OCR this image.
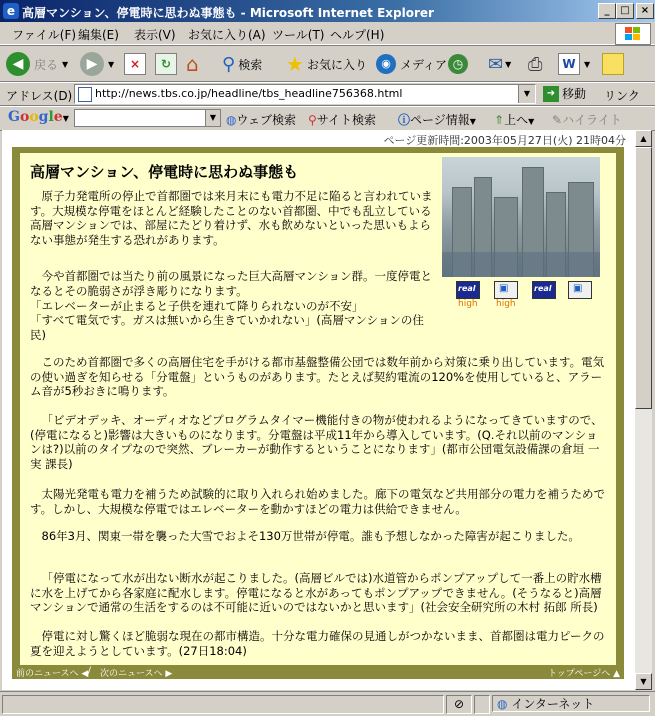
e 高層マンション、停電時に思わぬ事態も - Microsoft Internet Explorer	_	□	×
ファイル(F) 編集(E) 表示(V) お気に入り(A) ツール(T) ヘルプ(H)
◀ 戻る ▼	▶	▼	×	↻ ⌂ ⚲ 検索 ★ お気に入り	◉ メディア ◷ ✉ ▼ ⎙	W	▼
アドレス(D) http://news.tbs.co.jp/headline/tbs_headline756368.html	▼	➜ 移動 リンク
Google▼	▼ ◍ウェブ検索 ⚲サイト検索 ⓘページ情報▼ ⇑上へ▼ ✎ハイライト
ページ更新時間:2003年05月27日(火) 21時04分
高層マンション、停電時に思わぬ事態も
real
high
▣
high
real ▣
原子力発電所の停止で首都圏では来月末にも電力不足に陥ると言われています。大規模な停電をほとんど経験したことのない首都圏、中でも乱立している高層マンションでは、部屋にたどり着けず、水も飲めないといった思いもよらない事態が発生する恐れがあります。
今や首都圏では当たり前の風景になった巨大高層マンション群。一度停電となるとその脆弱さが浮き彫りになります。
「エレベーターが止まると子供を連れて降りられないのが不安」
「すべて電気です。ガスは無いから生きていかれない」(高層マンションの住民)
このため首都圏で多くの高層住宅を手がける都市基盤整備公団では数年前から対策に乗り出しています。電気の使い過ぎを知らせる「分電盤」というものがあります。たとえば契約電流の120%を使用していると、アラーム音が5秒おきに鳴ります。
「ビデオデッキ、オーディオなどプログラムタイマー機能付きの物が使われるようになってきていますので、(停電になると)影響は大きいものになります。分電盤は平成11年から導入しています。(Q.それ以前のマンションは?)以前のタイプなので突然、ブレーカーが動作するということになります」(都市公団電気設備課の倉垣 一実 課長)
太陽光発電も電力を補うため試験的に取り入れられ始めました。廊下の電気など共用部分の電力を補うためです。しかし、大規模な停電ではエレベーターを動かすほどの電力は供給できません。
86年3月、関東一帯を襲った大雪でおよそ130万世帯が停電。誰も予想しなかった障害が起こりました。
「停電になって水が出ない断水が起こりました。(高層ビルでは)水道管からポンプアップして一番上の貯水槽に水を上げてから各家庭に配水します。停電になると水があってもポンプアップできません。(そうなると)高層マンションで通常の生活をするのは不可能に近いのではないかと思います」(社会安全研究所の木村 拓郎 所長)
停電に対し驚くほど脆弱な現在の都市構造。十分な電力確保の見通しがつかないまま、首都圏は電力ピークの夏を迎えようとしています。(27日18:04)
前のニュースへ ◀ / 次のニュースへ ▶	トップページへ ▲
▲
▼
⊘	◍ インターネット
